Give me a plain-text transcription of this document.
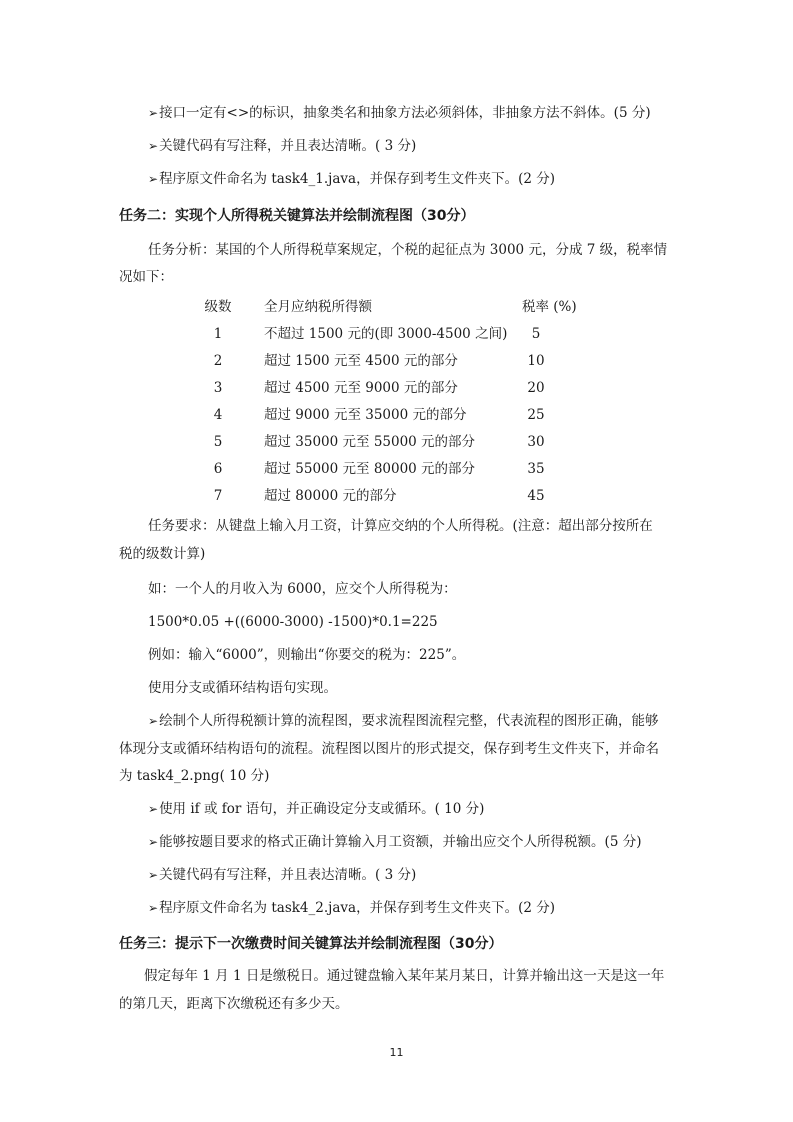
➢接口一定有<>的标识，抽象类名和抽象方法必须斜体，非抽象方法不斜体。(5 分)
➢关键代码有写注释，并且表达清晰。( 3 分)
➢程序原文件命名为 task4_1.java，并保存到考生文件夹下。(2 分)
任务二：实现个人所得税关键算法并绘制流程图（30分）
任务分析：某国的个人所得税草案规定，个税的起征点为 3000 元，分成 7 级，税率情
况如下：
级数	全月应纳税所得额	税率 (%)
1	不超过 1500 元的(即 3000-4500 之间)	5
2	超过 1500 元至 4500 元的部分	10
3	超过 4500 元至 9000 元的部分	20
4	超过 9000 元至 35000 元的部分	25
5	超过 35000 元至 55000 元的部分	30
6	超过 55000 元至 80000 元的部分	35
7	超过 80000 元的部分	45
任务要求：从键盘上输入月工资，计算应交纳的个人所得税。(注意：超出部分按所在
税的级数计算)
如：一个人的月收入为 6000，应交个人所得税为：
1500*0.05 +((6000-3000) -1500)*0.1=225
例如：输入“6000”，则输出“你要交的税为：225”。
使用分支或循环结构语句实现。
➢绘制个人所得税额计算的流程图，要求流程图流程完整，代表流程的图形正确，能够
体现分支或循环结构语句的流程。流程图以图片的形式提交，保存到考生文件夹下，并命名
为 task4_2.png( 10 分)
➢使用 if 或 for 语句，并正确设定分支或循环。( 10 分)
➢能够按题目要求的格式正确计算输入月工资额，并输出应交个人所得税额。(5 分)
➢关键代码有写注释，并且表达清晰。( 3 分)
➢程序原文件命名为 task4_2.java，并保存到考生文件夹下。(2 分)
任务三：提示下一次缴费时间关键算法并绘制流程图（30分）
假定每年 1 月 1 日是缴税日。通过键盘输入某年某月某日，计算并输出这一天是这一年
的第几天，距离下次缴税还有多少天。
11
